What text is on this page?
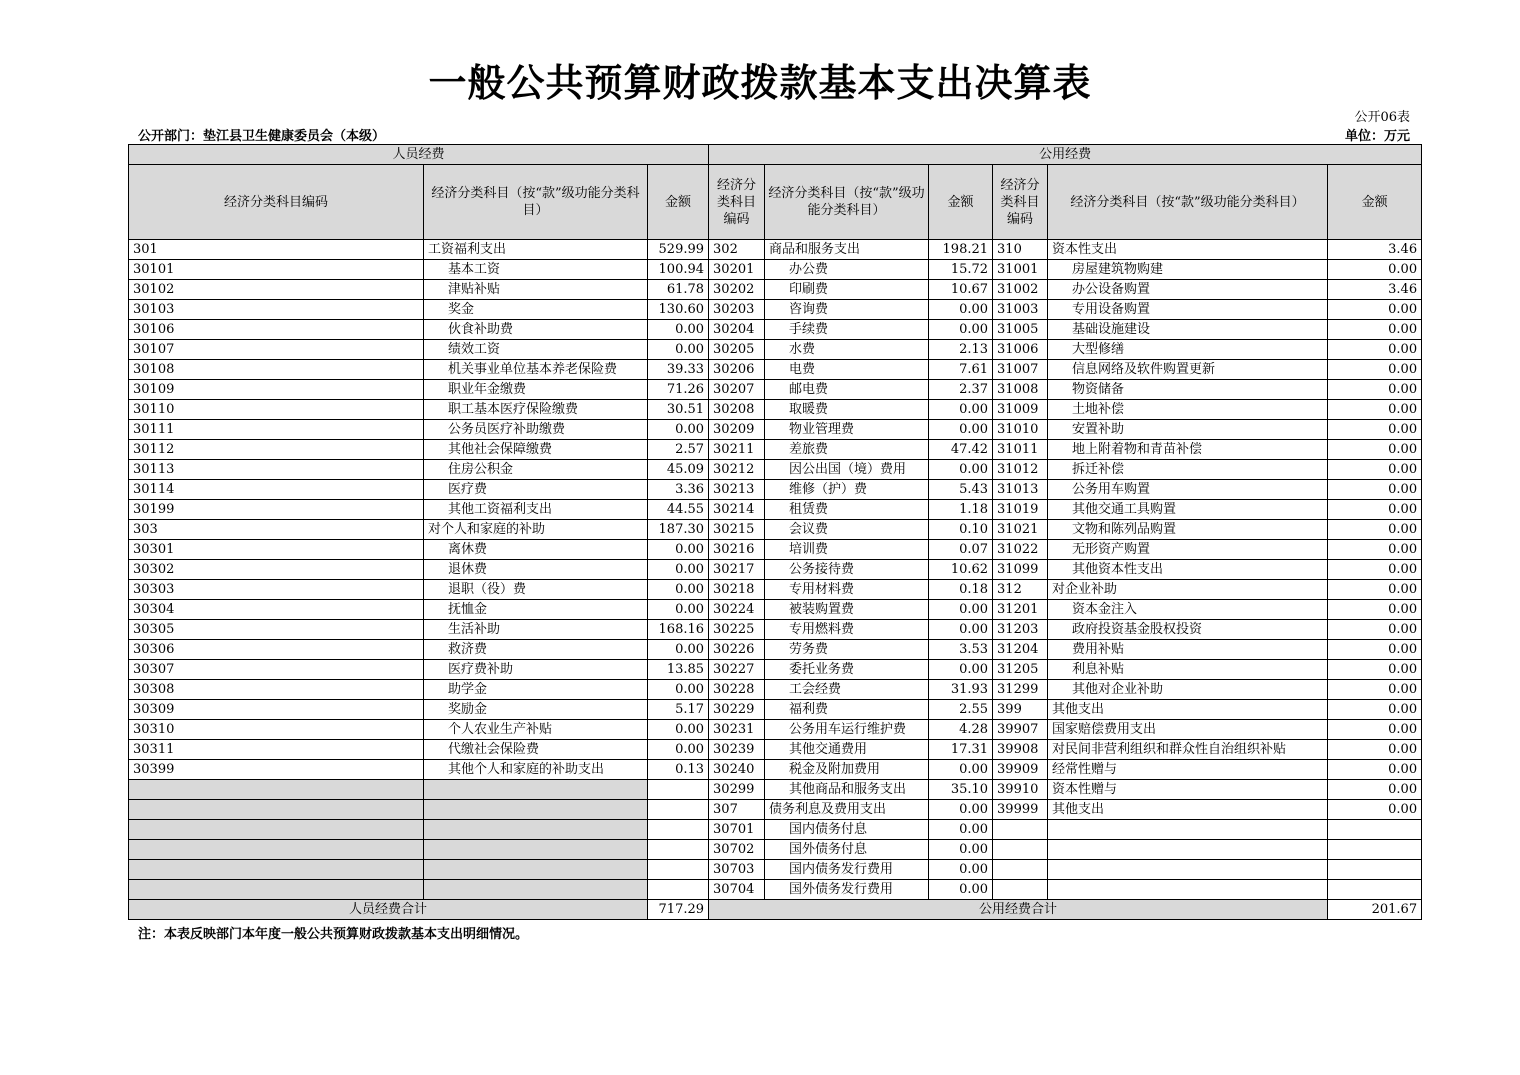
一般公共预算财政拨款基本支出决算表
公开06表
公开部门：垫江县卫生健康委员会（本级）	单位：万元
人员经费			公用经费					
经济分类科目编码	经济分类科目（按“款”级功能分类科目）	金额	经济分类科目编码	经济分类科目（按“款”级功能分类科目）	金额	经济分类科目编码	经济分类科目（按“款”级功能分类科目）	金额
301	工资福利支出	529.99	302	商品和服务支出	198.21	310	资本性支出	3.46
30101	基本工资	100.94	30201	办公费	15.72	31001	房屋建筑物购建	0.00
30102	津贴补贴	61.78	30202	印刷费	10.67	31002	办公设备购置	3.46
30103	奖金	130.60	30203	咨询费	0.00	31003	专用设备购置	0.00
30106	伙食补助费	0.00	30204	手续费	0.00	31005	基础设施建设	0.00
30107	绩效工资	0.00	30205	水费	2.13	31006	大型修缮	0.00
30108	机关事业单位基本养老保险费	39.33	30206	电费	7.61	31007	信息网络及软件购置更新	0.00
30109	职业年金缴费	71.26	30207	邮电费	2.37	31008	物资储备	0.00
30110	职工基本医疗保险缴费	30.51	30208	取暖费	0.00	31009	土地补偿	0.00
30111	公务员医疗补助缴费	0.00	30209	物业管理费	0.00	31010	安置补助	0.00
30112	其他社会保障缴费	2.57	30211	差旅费	47.42	31011	地上附着物和青苗补偿	0.00
30113	住房公积金	45.09	30212	因公出国（境）费用	0.00	31012	拆迁补偿	0.00
30114	医疗费	3.36	30213	维修（护）费	5.43	31013	公务用车购置	0.00
30199	其他工资福利支出	44.55	30214	租赁费	1.18	31019	其他交通工具购置	0.00
303	对个人和家庭的补助	187.30	30215	会议费	0.10	31021	文物和陈列品购置	0.00
30301	离休费	0.00	30216	培训费	0.07	31022	无形资产购置	0.00
30302	退休费	0.00	30217	公务接待费	10.62	31099	其他资本性支出	0.00
30303	退职（役）费	0.00	30218	专用材料费	0.18	312	对企业补助	0.00
30304	抚恤金	0.00	30224	被装购置费	0.00	31201	资本金注入	0.00
30305	生活补助	168.16	30225	专用燃料费	0.00	31203	政府投资基金股权投资	0.00
30306	救济费	0.00	30226	劳务费	3.53	31204	费用补贴	0.00
30307	医疗费补助	13.85	30227	委托业务费	0.00	31205	利息补贴	0.00
30308	助学金	0.00	30228	工会经费	31.93	31299	其他对企业补助	0.00
30309	奖励金	5.17	30229	福利费	2.55	399	其他支出	0.00
30310	个人农业生产补贴	0.00	30231	公务用车运行维护费	4.28	39907	国家赔偿费用支出	0.00
30311	代缴社会保险费	0.00	30239	其他交通费用	17.31	39908	对民间非营利组织和群众性自治组织补贴	0.00
30399	其他个人和家庭的补助支出	0.13	30240	税金及附加费用	0.00	39909	经常性赠与	0.00
			30299	其他商品和服务支出	35.10	39910	资本性赠与	0.00
			307	债务利息及费用支出	0.00	39999	其他支出	0.00
			30701	国内债务付息	0.00			
			30702	国外债务付息	0.00			
			30703	国内债务发行费用	0.00			
			30704	国外债务发行费用	0.00			
人员经费合计		717.29	公用经费合计					201.67
注：本表反映部门本年度一般公共预算财政拨款基本支出明细情况。
